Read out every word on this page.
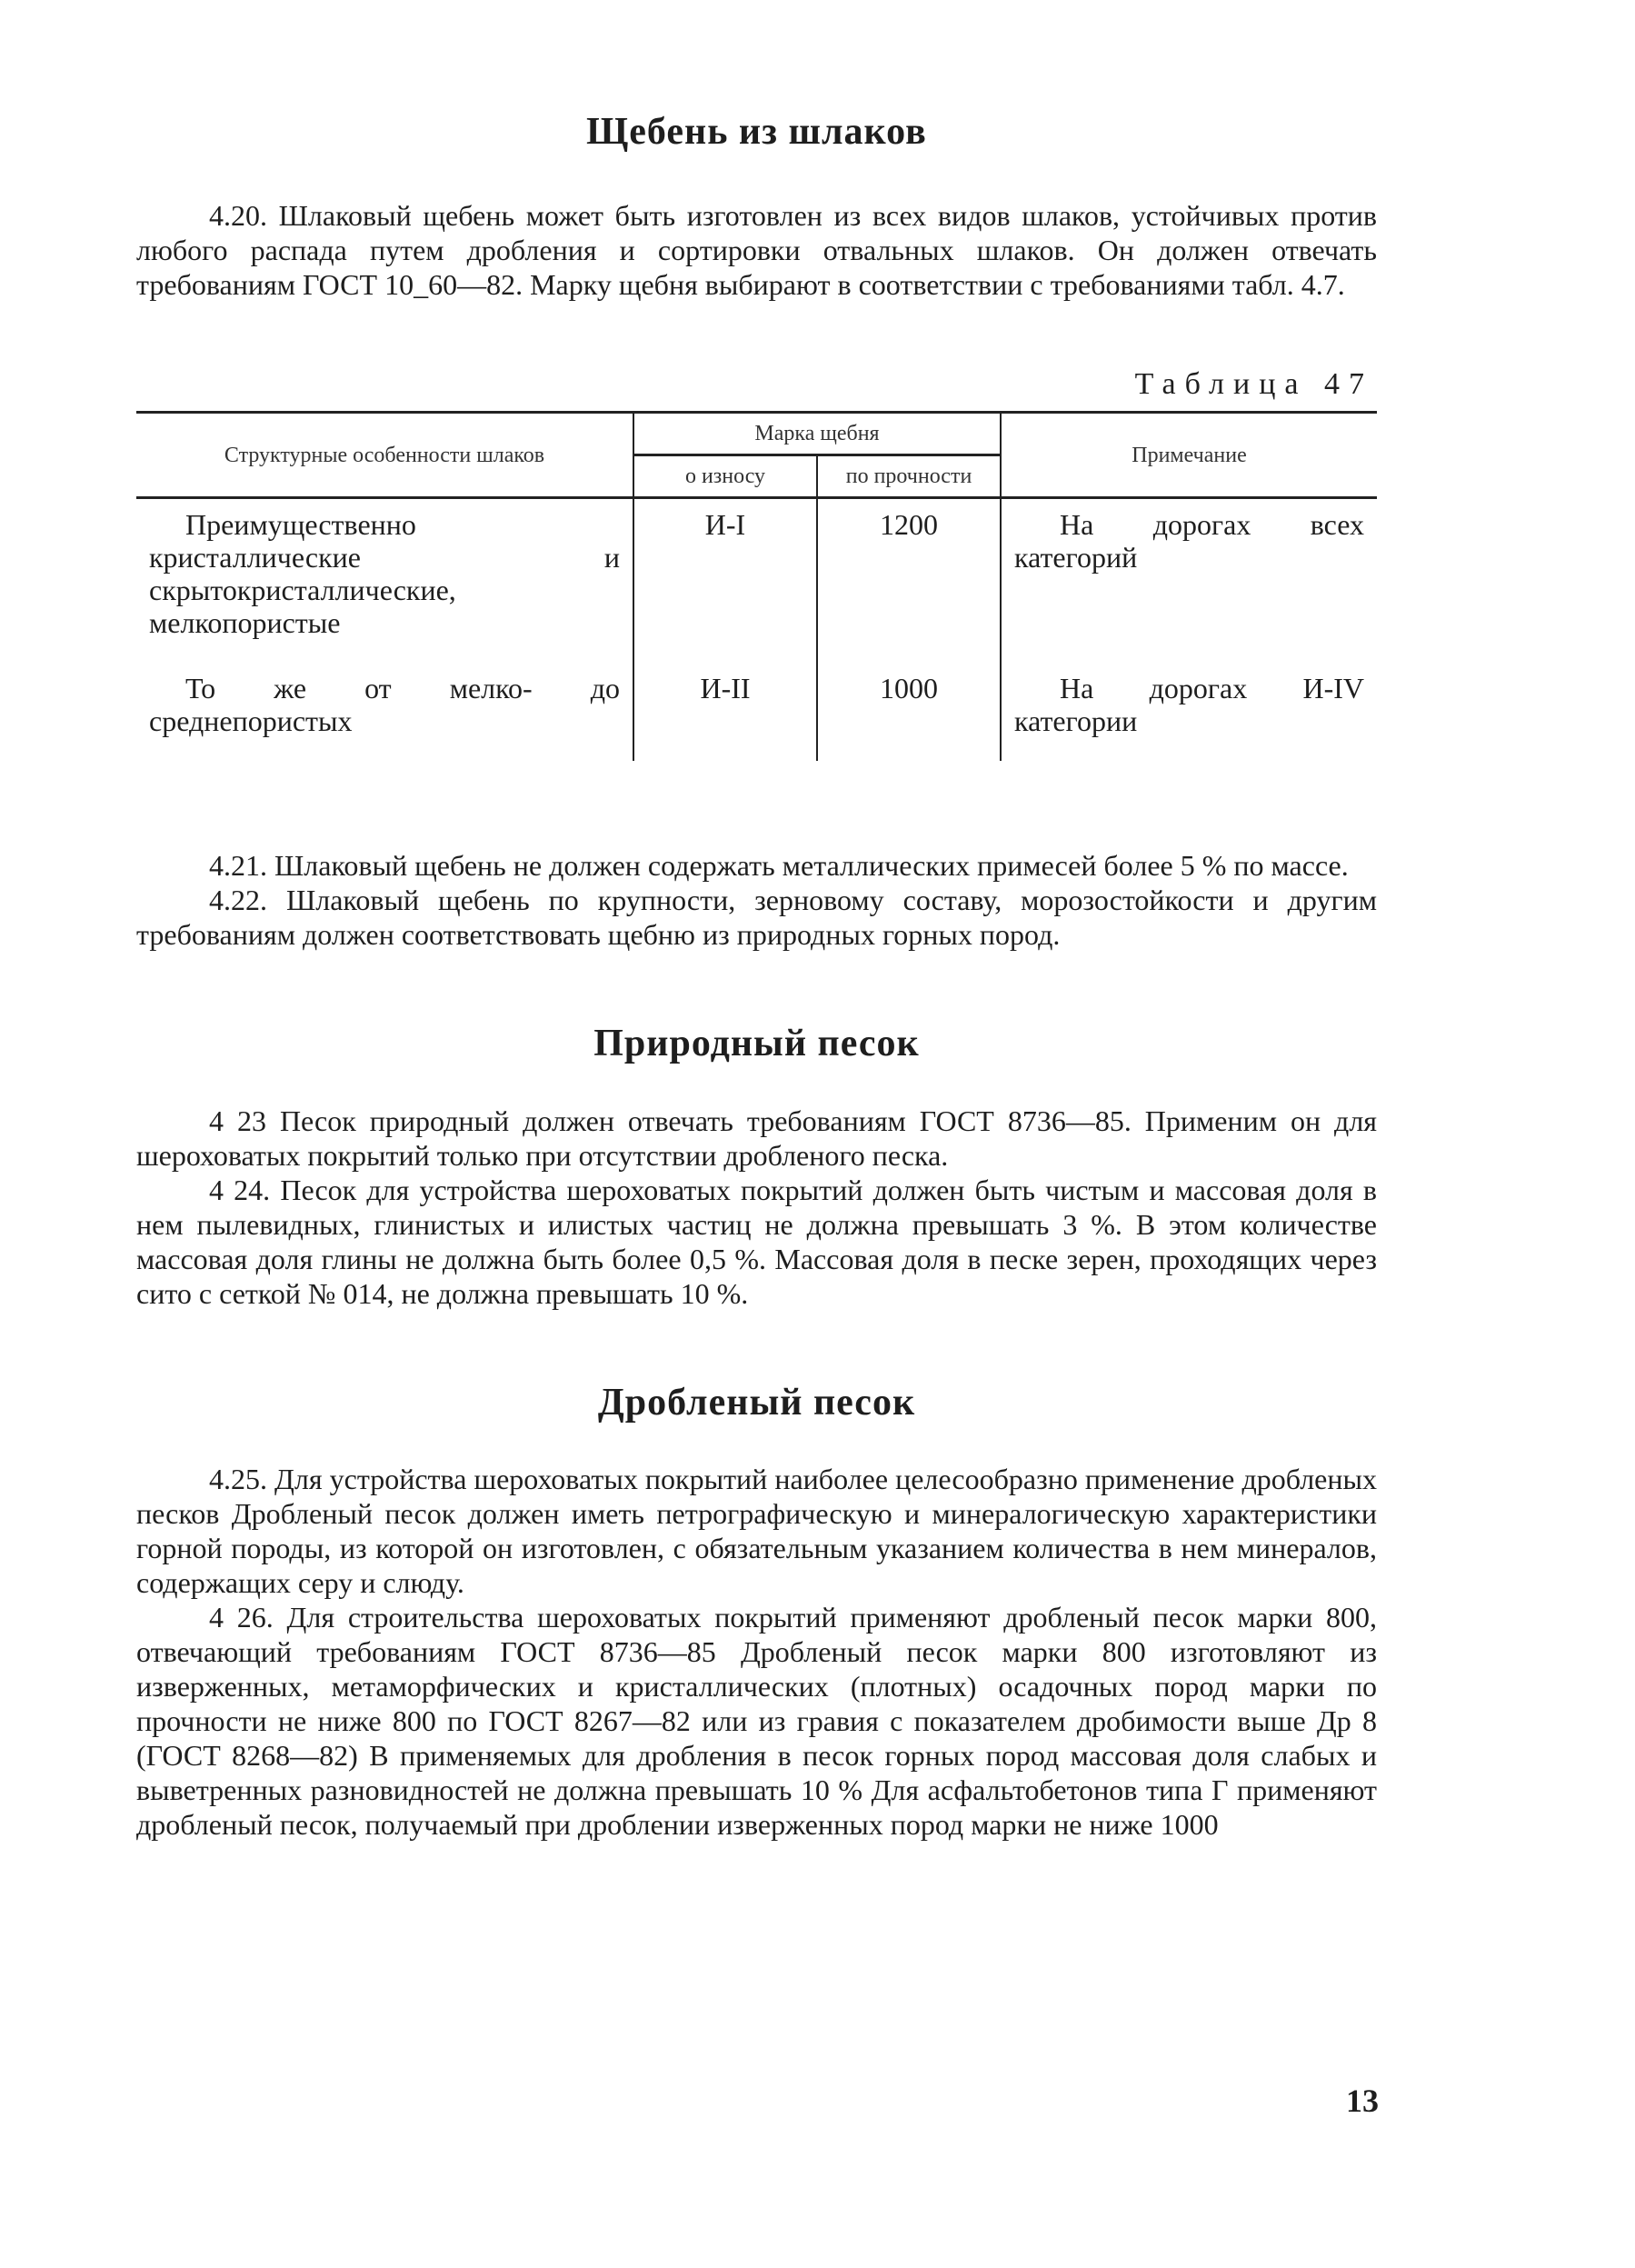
Щебень из шлаков

4.20. Шлаковый щебень может быть изготовлен из всех видов шлаков, устойчивых против любого распада путем дробления и сортировки отвальных шлаков. Он должен отвечать требованиям ГОСТ 10_60—82. Марку щебня выбирают в соответствии с требованиями табл. 4.7.

Таблица 47
Структурные особенности шлаков	Марка щебня		Примечание
	о износу	по прочности	

Преимущественно кристаллические и скрытокристаллические, мелкопористые	И-I	1200	На дорогах всех категорий

То же от мелко- до среднепористых	И-II	1000	На дорогах И-IV категории

4.21. Шлаковый щебень не должен содержать металлических примесей более 5 % по массе.

4.22. Шлаковый щебень по крупности, зерновому составу, морозостойкости и другим требованиям должен соответствовать щебню из природных горных пород.

Природный песок

4 23 Песок природный должен отвечать требованиям ГОСТ 8736—85. Применим он для шероховатых покрытий только при отсутствии дробленого песка.

4 24. Песок для устройства шероховатых покрытий должен быть чистым и массовая доля в нем пылевидных, глинистых и илистых частиц не должна превышать 3 %. В этом количестве массовая доля глины не должна быть более 0,5 %. Массовая доля в песке зерен, проходящих через сито с сеткой № 014, не должна превышать 10 %.

Дробленый песок

4.25. Для устройства шероховатых покрытий наиболее целесообразно применение дробленых песков Дробленый песок должен иметь петрографическую и минералогическую характеристики горной породы, из которой он изготовлен, с обязательным указанием количества в нем минералов, содержащих серу и слюду.

4 26. Для строительства шероховатых покрытий применяют дробленый песок марки 800, отвечающий требованиям ГОСТ 8736—85 Дробленый песок марки 800 изготовляют из изверженных, метаморфических и кристаллических (плотных) осадочных пород марки по прочности не ниже 800 по ГОСТ 8267—82 или из гравия с показателем дробимости выше Др 8 (ГОСТ 8268—82) В применяемых для дробления в песок горных пород массовая доля слабых и выветренных разновидностей не должна превышать 10 % Для асфальтобетонов типа Г применяют дробленый песок, получаемый при дроблении изверженных пород марки не ниже 1000

13
